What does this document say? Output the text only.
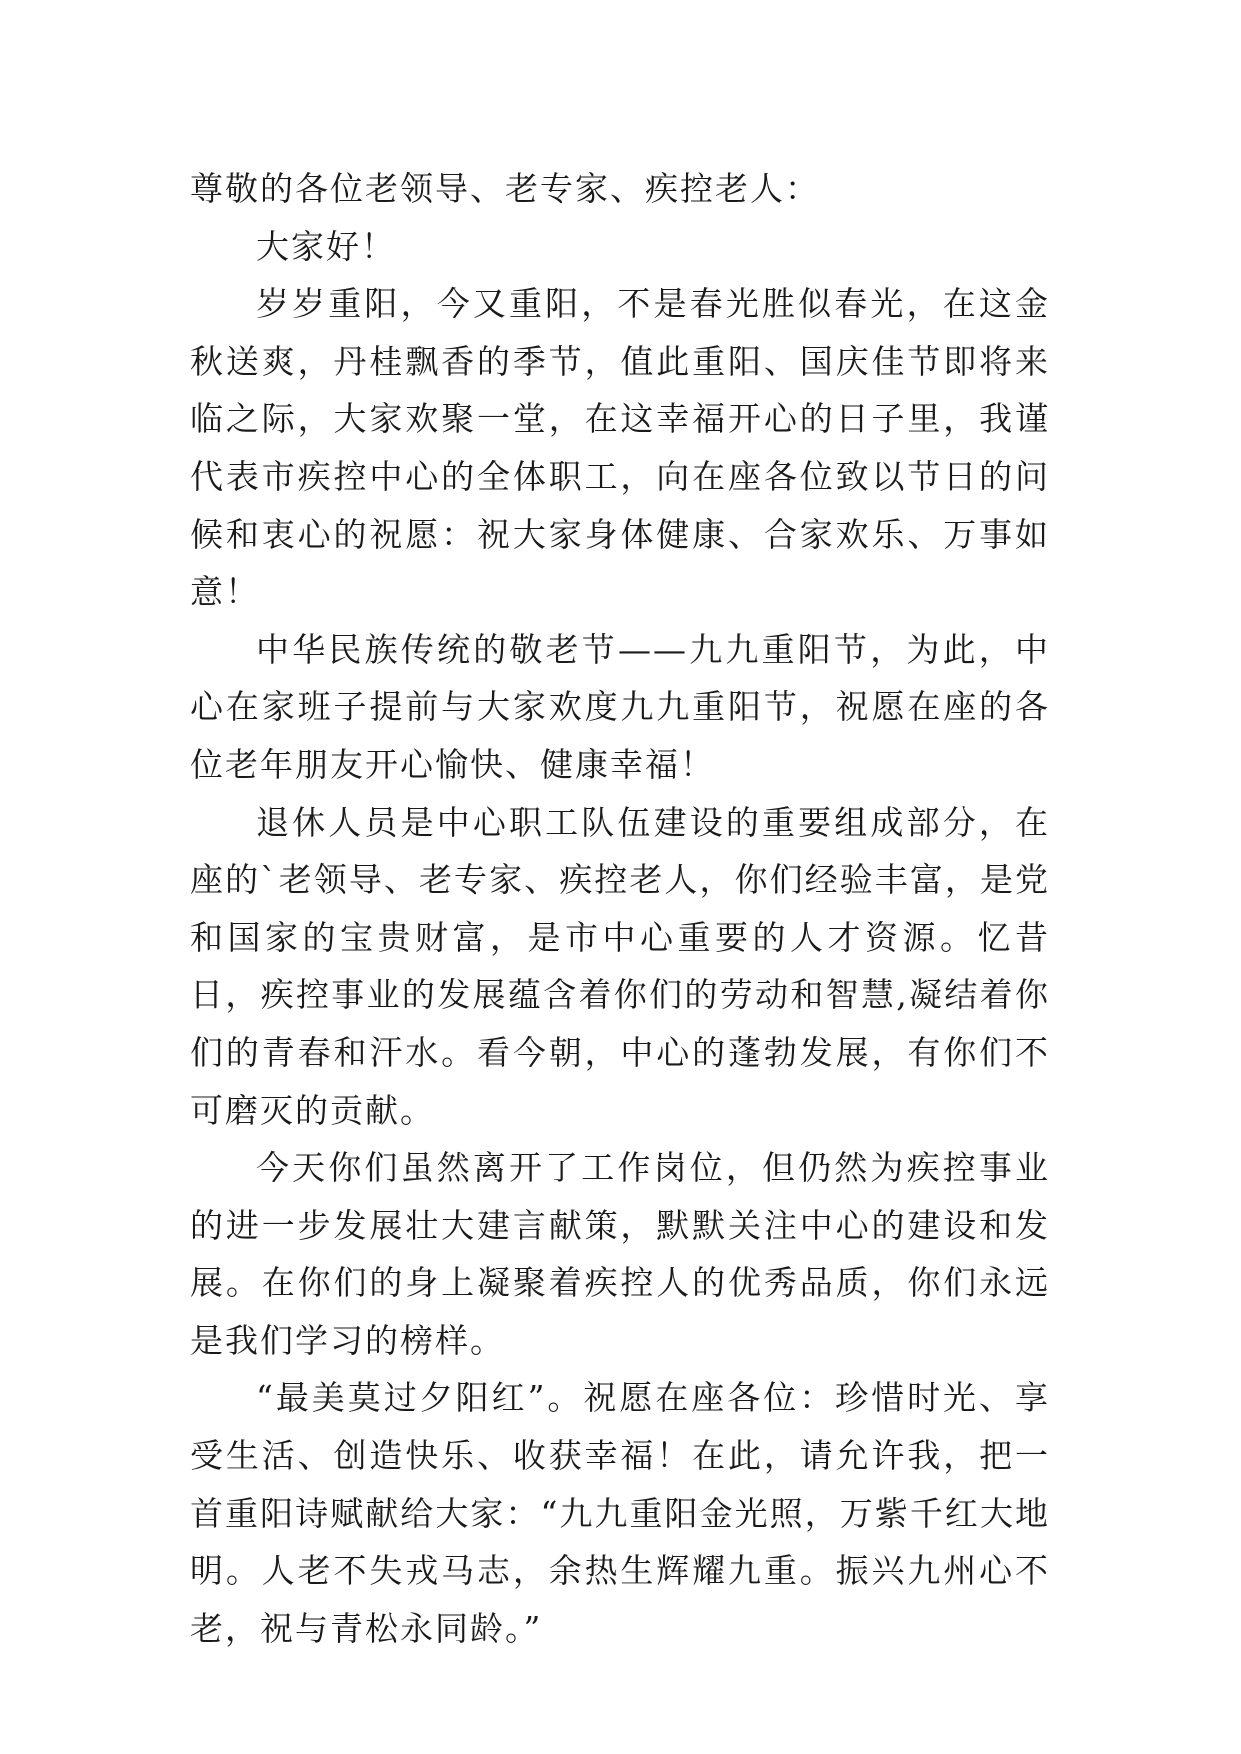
尊敬的各位老领导、老专家、疾控老人：

大家好！

岁岁重阳，今又重阳，不是春光胜似春光，在这金秋送爽，丹桂飘香的季节，值此重阳、国庆佳节即将来临之际，大家欢聚一堂，在这幸福开心的日子里，我谨代表市疾控中心的全体职工，向在座各位致以节日的问候和衷心的祝愿：祝大家身体健康、合家欢乐、万事如意！

中华民族传统的敬老节——九九重阳节，为此，中心在家班子提前与大家欢度九九重阳节，祝愿在座的各位老年朋友开心愉快、健康幸福！

退休人员是中心职工队伍建设的重要组成部分，在座的`老领导、老专家、疾控老人，你们经验丰富，是党和国家的宝贵财富，是市中心重要的人才资源。忆昔日，疾控事业的发展蕴含着你们的劳动和智慧,凝结着你们的青春和汗水。看今朝，中心的蓬勃发展，有你们不可磨灭的贡献。

今天你们虽然离开了工作岗位，但仍然为疾控事业的进一步发展壮大建言献策，默默关注中心的建设和发展。在你们的身上凝聚着疾控人的优秀品质，你们永远是我们学习的榜样。

“最美莫过夕阳红”。祝愿在座各位：珍惜时光、享受生活、创造快乐、收获幸福！在此，请允许我，把一首重阳诗赋献给大家：“九九重阳金光照，万紫千红大地明。人老不失戎马志，余热生辉耀九重。振兴九州心不老，祝与青松永同龄。”
